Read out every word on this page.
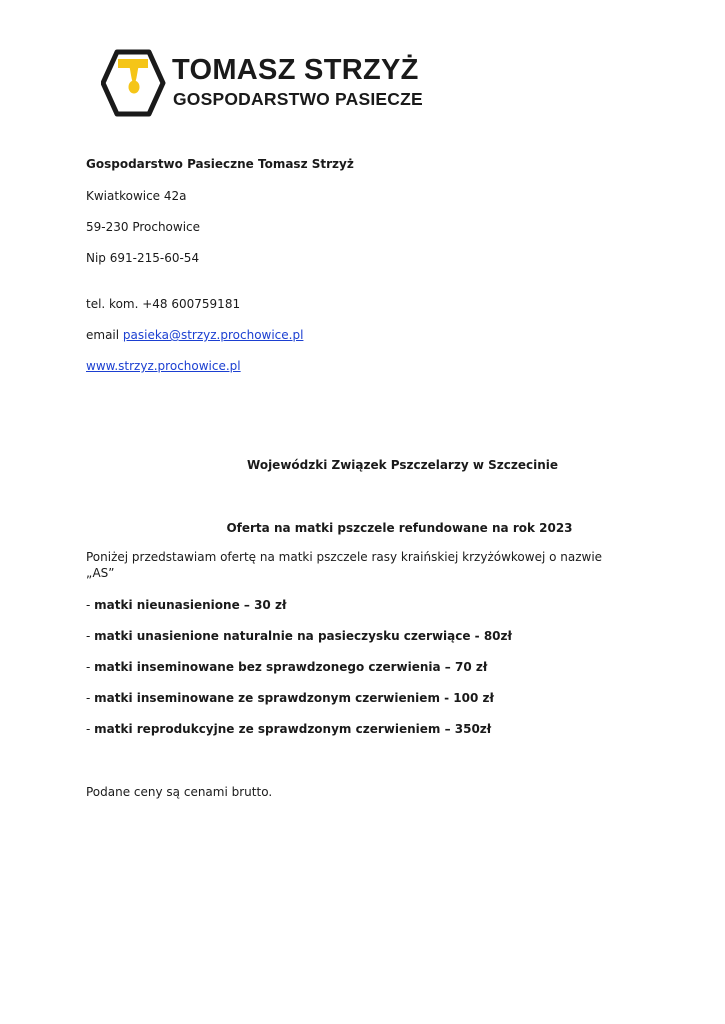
TOMASZ STRZYŻ
GOSPODARSTWO PASIECZE
Gospodarstwo Pasieczne Tomasz Strzyż
Kwiatkowice 42a
59-230 Prochowice
Nip 691-215-60-54
tel. kom. +48 600759181
email pasieka@strzyz.prochowice.pl
www.strzyz.prochowice.pl
Wojewódzki Związek Pszczelarzy w Szczecinie
Oferta na matki pszczele refundowane na rok 2023
Poniżej przedstawiam ofertę na matki pszczele rasy kraińskiej krzyżówkowej o nazwie
„AS”
- matki nieunasienione – 30 zł
- matki unasienione naturalnie na pasieczysku czerwiące - 80zł
- matki inseminowane bez sprawdzonego czerwienia – 70 zł
- matki inseminowane ze sprawdzonym czerwieniem - 100 zł
- matki reprodukcyjne ze sprawdzonym czerwieniem – 350zł
Podane ceny są cenami brutto.
